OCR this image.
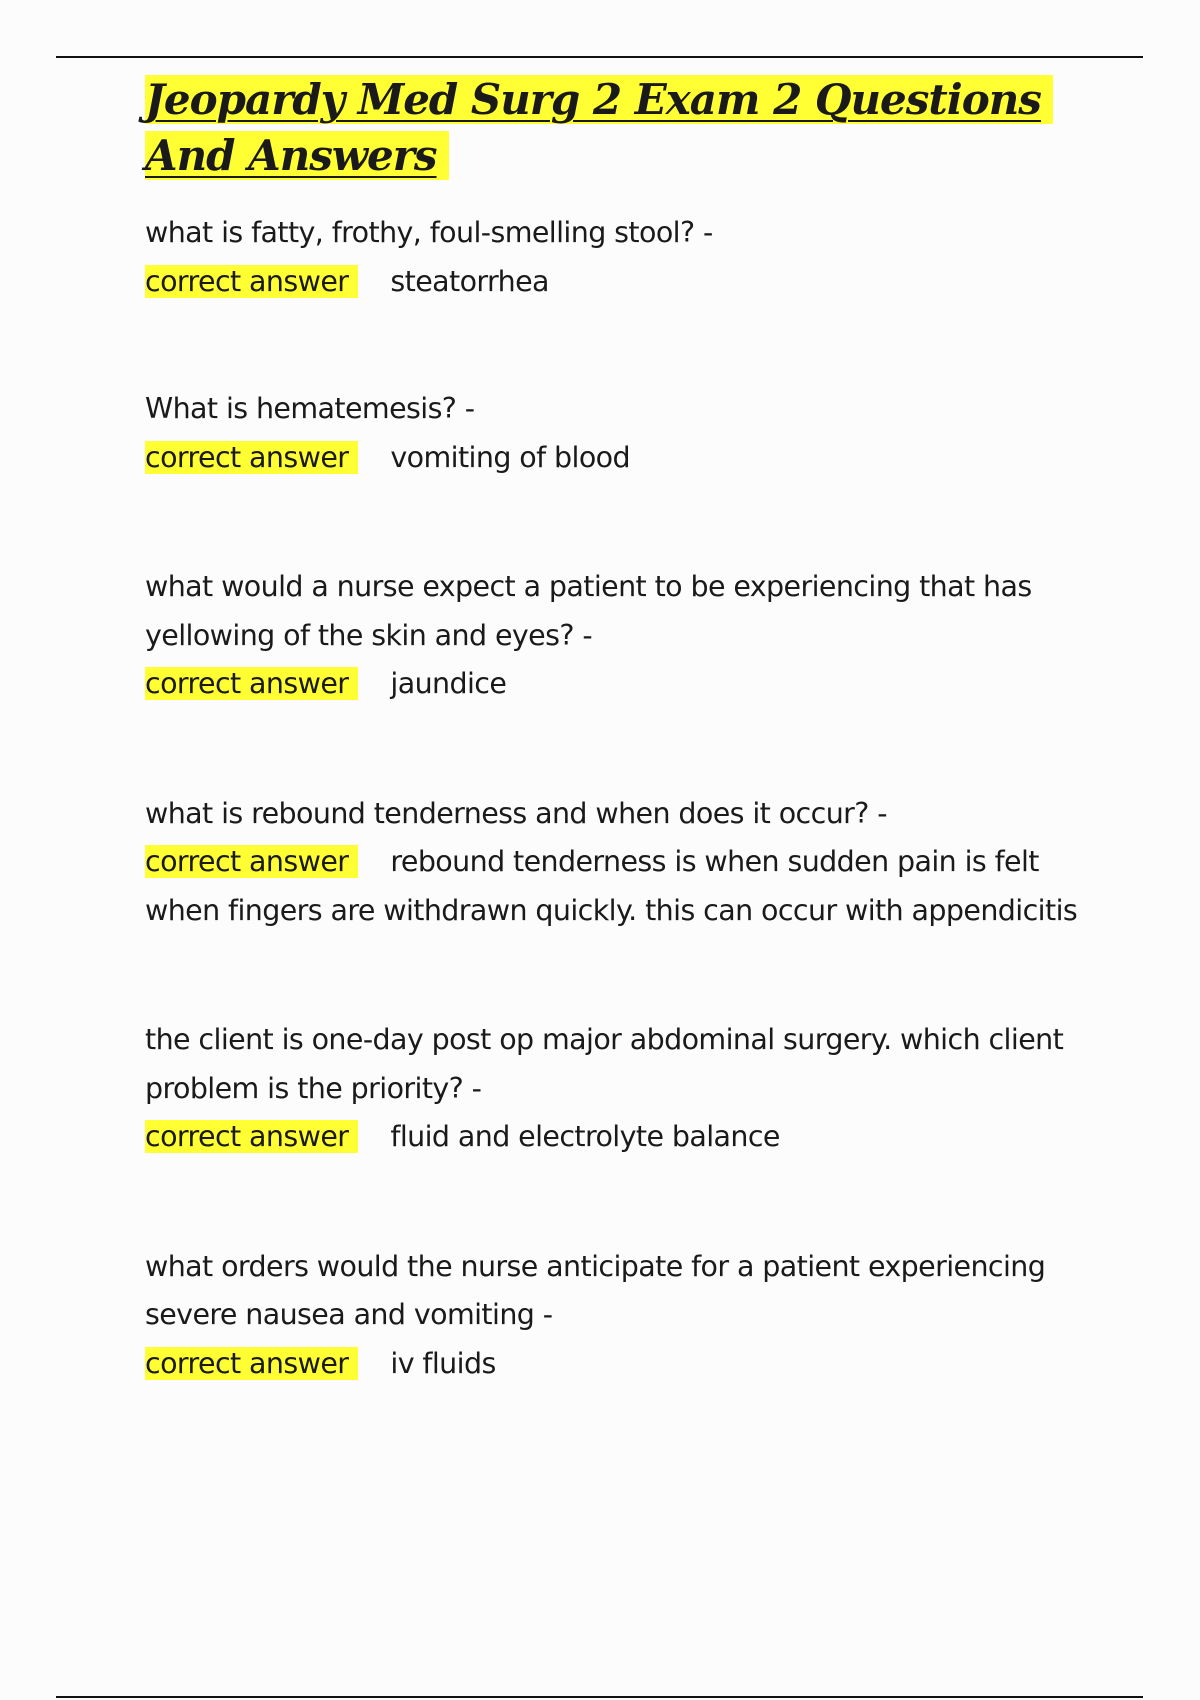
Jeopardy Med Surg 2 Exam 2 Questions And Answers

what is fatty, frothy, foul-smelling stool? -

correct answer steatorrhea

What is hematemesis? -

correct answer vomiting of blood

what would a nurse expect a patient to be experiencing that has yellowing of the skin and eyes? -

correct answer jaundice

what is rebound tenderness and when does it occur? -

correct answer rebound tenderness is when sudden pain is felt when fingers are withdrawn quickly. this can occur with appendicitis

the client is one-day post op major abdominal surgery. which client problem is the priority? -

correct answer fluid and electrolyte balance

what orders would the nurse anticipate for a patient experiencing severe nausea and vomiting -

correct answer iv fluids
